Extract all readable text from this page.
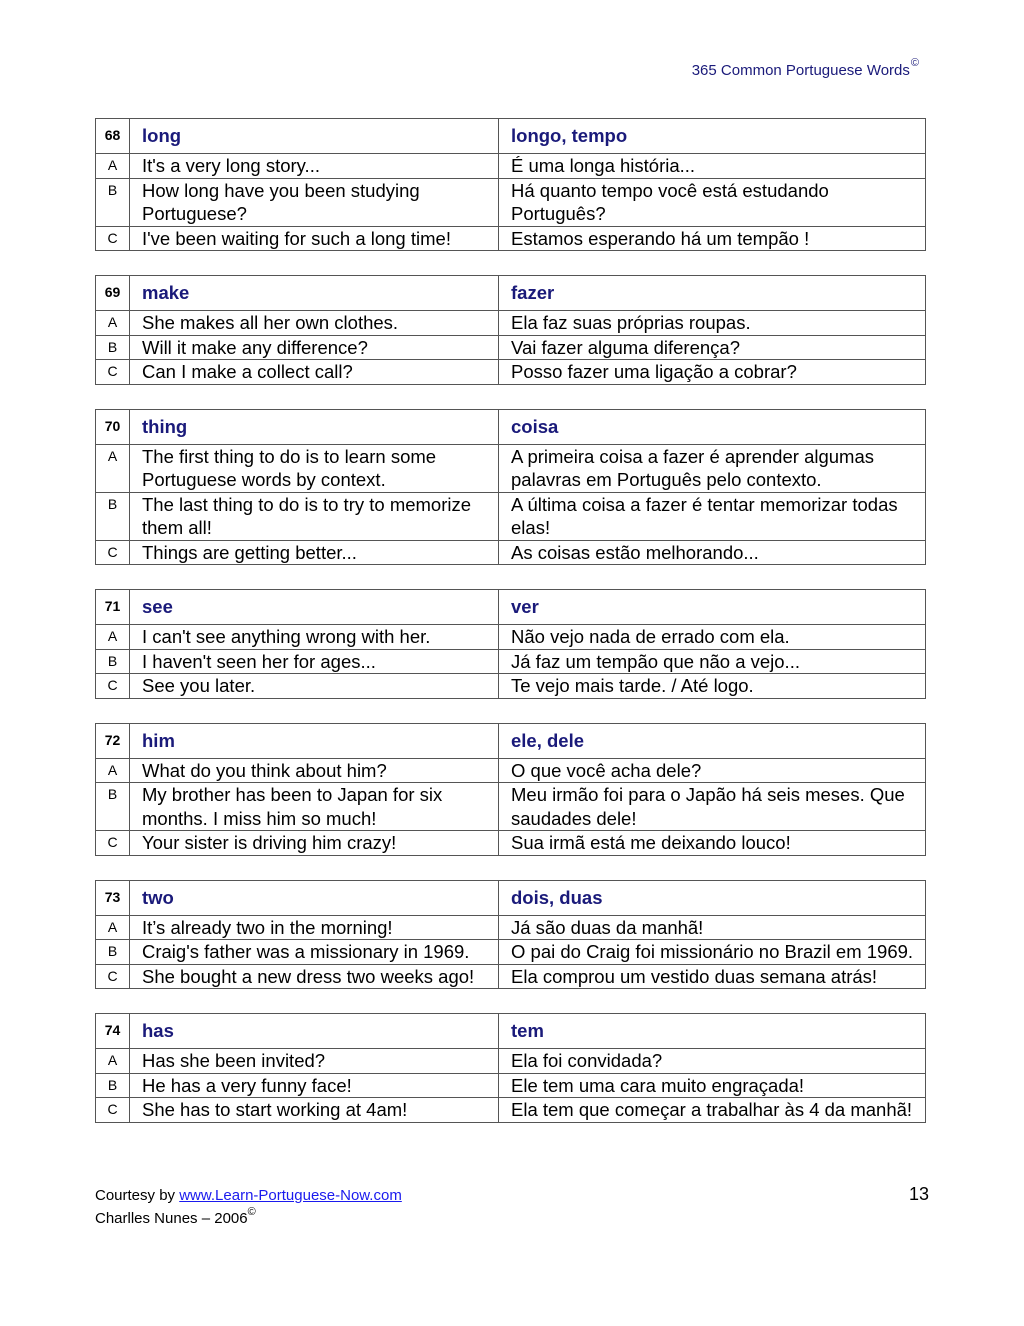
365 Common Portuguese Words©
68	long	longo, tempo
A	It's a very long story...	É uma longa história...
B	How long have you been studying Portuguese?	Há quanto tempo você está estudando Português?
C	I've been waiting for such a long time!	Estamos esperando há um tempão !
69	make	fazer
A	She makes all her own clothes.	Ela faz suas próprias roupas.
B	Will it make any difference?	Vai fazer alguma diferença?
C	Can I make a collect call?	Posso fazer uma ligação a cobrar?
70	thing	coisa
A	The first thing to do is to learn some Portuguese words by context.	A primeira coisa a fazer é aprender algumas palavras em Português pelo contexto.
B	The last thing to do is to try to memorize them all!	A última coisa a fazer é tentar memorizar todas elas!
C	Things are getting better...	As coisas estão melhorando...
71	see	ver
A	I can't see anything wrong with her.	Não vejo nada de errado com ela.
B	I haven't seen her for ages...	Já faz um tempão que não a vejo...
C	See you later.	Te vejo mais tarde. / Até logo.
72	him	ele, dele
A	What do you think about him?	O que você acha dele?
B	My brother has been to Japan for six months. I miss him so much!	Meu irmão foi para o Japão há seis meses. Que saudades dele!
C	Your sister is driving him crazy!	Sua irmã está me deixando louco!
73	two	dois, duas
A	It’s already two in the morning!	Já são duas da manhã!
B	Craig's father was a missionary in 1969.	O pai do Craig foi missionário no Brazil em 1969.
C	She bought a new dress two weeks ago!	Ela comprou um vestido duas semana atrás!
74	has	tem
A	Has she been invited?	Ela foi convidada?
B	He has a very funny face!	Ele tem uma cara muito engraçada!
C	She has to start working at 4am!	Ela tem que começar a trabalhar às 4 da manhã!
Courtesy by www.Learn-Portuguese-Now.com
Charlles Nunes – 2006©
13
